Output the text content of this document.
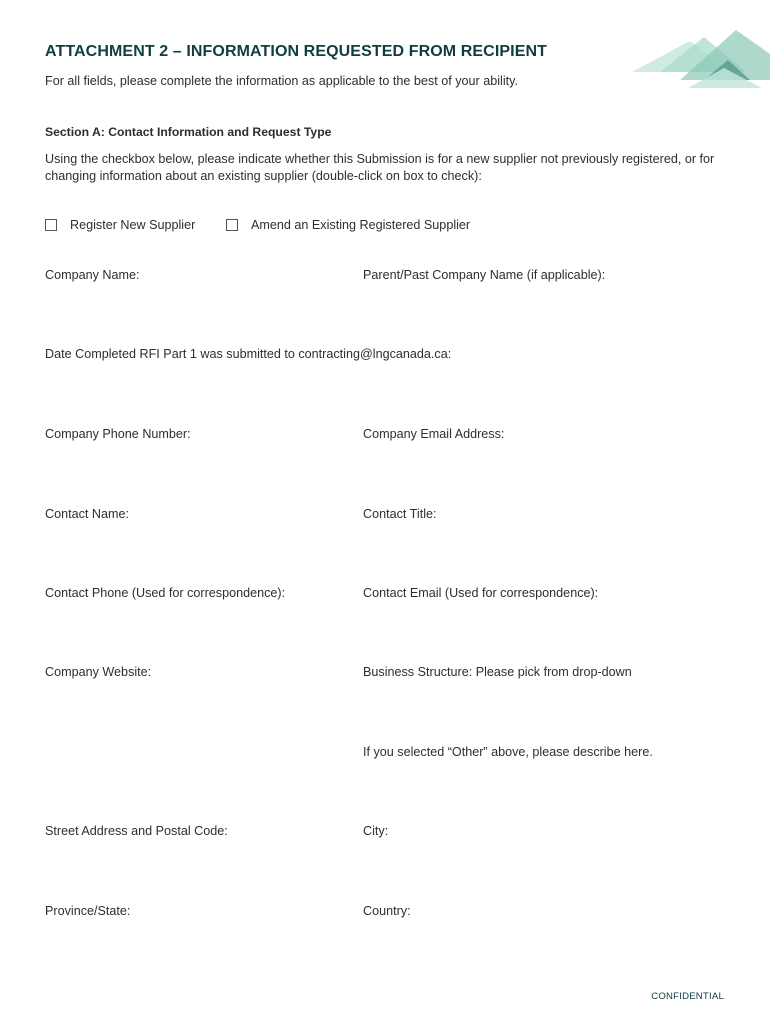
ATTACHMENT 2 – INFORMATION REQUESTED FROM RECIPIENT
For all fields, please complete the information as applicable to the best of your ability.
Section A: Contact Information and Request Type

Using the checkbox below, please indicate whether this Submission is for a new supplier not previously registered, or for changing information about an existing supplier (double-click on box to check):

Register New Supplier	Amend an Existing Registered Supplier
Company Name:	Parent/Past Company Name (if applicable):
Date Completed RFI Part 1 was submitted to contracting@lngcanada.ca:
Company Phone Number:	Company Email Address:
Contact Name:	Contact Title:
Contact Phone (Used for correspondence):	Contact Email (Used for correspondence):
Company Website:	Business Structure: Please pick from drop-down
If you selected “Other” above, please describe here.
Street Address and Postal Code:	City:
Province/State:	Country:
CONFIDENTIAL
